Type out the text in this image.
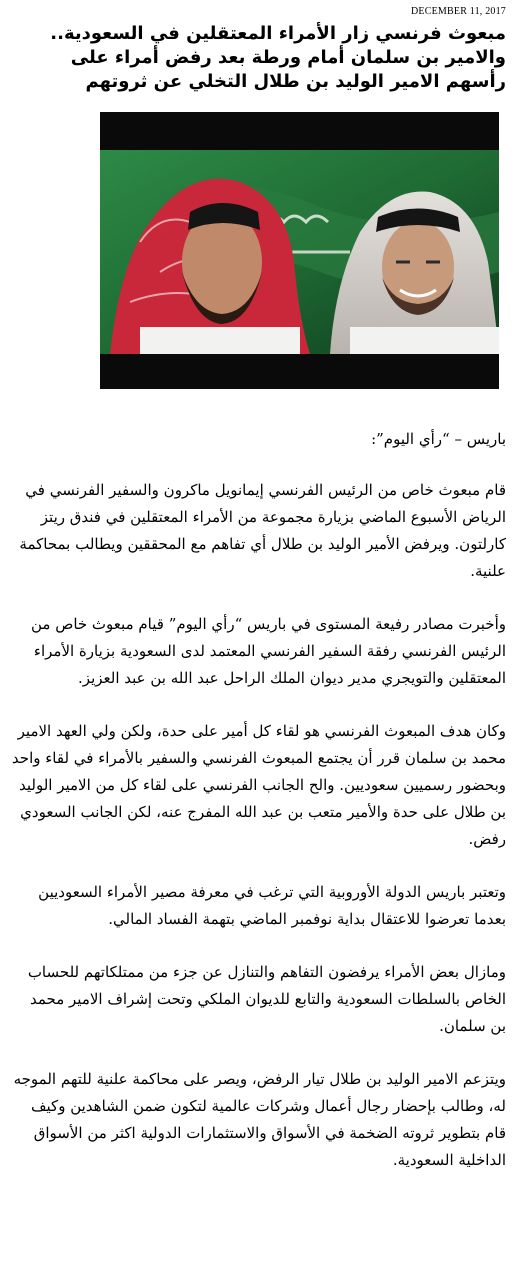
DECEMBER 11, 2017
مبعوث فرنسي زار الأمراء المعتقلين في السعودية.. والامير بن سلمان أمام ورطة بعد رفض أمراء على رأسهم الامير الوليد بن طلال التخلي عن ثروتهم

باريس – “رأي اليوم”:

قام مبعوث خاص من الرئيس الفرنسي إيمانويل ماكرون والسفير الفرنسي في الرياض الأسبوع الماضي بزيارة مجموعة من الأمراء المعتقلين في فندق ريتز كارلتون. ويرفض الأمير الوليد بن طلال أي تفاهم مع المحققين ويطالب بمحاكمة علنية.

وأخبرت مصادر رفيعة المستوى في باريس “رأي اليوم” قيام مبعوث خاص من الرئيس الفرنسي رفقة السفير الفرنسي المعتمد لدى السعودية بزيارة الأمراء المعتقلين والتويجري مدير ديوان الملك الراحل عبد الله بن عبد العزيز.

وكان هدف المبعوث الفرنسي هو لقاء كل أمير على حدة، ولكن ولي العهد الامير محمد بن سلمان قرر أن يجتمع المبعوث الفرنسي والسفير بالأمراء في لقاء واحد وبحضور رسميين سعوديين. والح الجانب الفرنسي على لقاء كل من الامير الوليد بن طلال على حدة والأمير متعب بن عبد الله المفرج عنه، لكن الجانب السعودي رفض.

وتعتبر باريس الدولة الأوروبية التي ترغب في معرفة مصير الأمراء السعوديين بعدما تعرضوا للاعتقال بداية نوفمبر الماضي بتهمة الفساد المالي.

ومازال بعض الأمراء يرفضون التفاهم والتنازل عن جزء من ممتلكاتهم للحساب الخاص بالسلطات السعودية والتابع للديوان الملكي وتحت إشراف الامير محمد بن سلمان.

ويتزعم الامير الوليد بن طلال تيار الرفض، ويصر على محاكمة علنية للتهم الموجه له، وطالب بإحضار رجال أعمال وشركات عالمية لتكون ضمن الشاهدين وكيف قام بتطوير ثروته الضخمة في الأسواق والاستثمارات الدولية اكثر من الأسواق الداخلية السعودية.
